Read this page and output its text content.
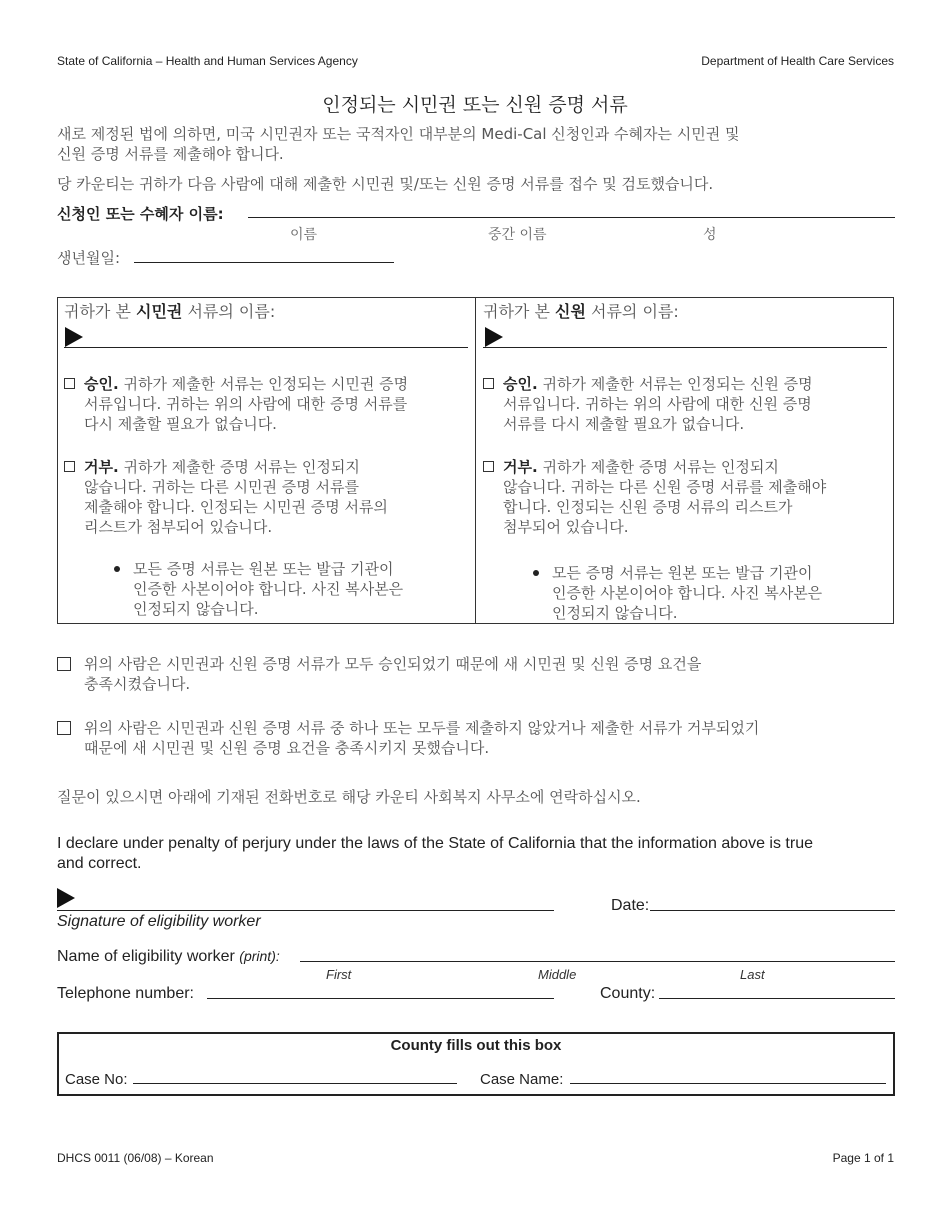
State of California – Health and Human Services Agency	Department of Health Care Services
인정되는 시민권 또는 신원 증명 서류
새로 제정된 법에 의하면, 미국 시민권자 또는 국적자인 대부분의 Medi-Cal 신청인과 수혜자는 시민권 및
신원 증명 서류를 제출해야 합니다.
당 카운티는 귀하가 다음 사람에 대해 제출한 시민권 및/또는 신원 증명 서류를 접수 및 검토했습니다.
신청인 또는 수혜자 이름:
이름	중간 이름	성
생년월일:
귀하가 본 시민권 서류의 이름:
승인. 귀하가 제출한 서류는 인정되는 시민권 증명
서류입니다. 귀하는 위의 사람에 대한 증명 서류를
다시 제출할 필요가 없습니다.
거부. 귀하가 제출한 증명 서류는 인정되지
않습니다. 귀하는 다른 시민권 증명 서류를
제출해야 합니다. 인정되는 시민권 증명 서류의
리스트가 첨부되어 있습니다.
모든 증명 서류는 원본 또는 발급 기관이
인증한 사본이어야 합니다. 사진 복사본은
인정되지 않습니다.
귀하가 본 신원 서류의 이름:
승인. 귀하가 제출한 서류는 인정되는 신원 증명
서류입니다. 귀하는 위의 사람에 대한 신원 증명
서류를 다시 제출할 필요가 없습니다.
거부. 귀하가 제출한 증명 서류는 인정되지
않습니다. 귀하는 다른 신원 증명 서류를 제출해야
합니다. 인정되는 신원 증명 서류의 리스트가
첨부되어 있습니다.
모든 증명 서류는 원본 또는 발급 기관이
인증한 사본이어야 합니다. 사진 복사본은
인정되지 않습니다.
위의 사람은 시민권과 신원 증명 서류가 모두 승인되었기 때문에 새 시민권 및 신원 증명 요건을
충족시켰습니다.
위의 사람은 시민권과 신원 증명 서류 중 하나 또는 모두를 제출하지 않았거나 제출한 서류가 거부되었기
때문에 새 시민권 및 신원 증명 요건을 충족시키지 못했습니다.
질문이 있으시면 아래에 기재된 전화번호로 해당 카운티 사회복지 사무소에 연락하십시오.
I declare under penalty of perjury under the laws of the State of California that the information above is true
and correct.
Signature of eligibility worker
Date:
Name of eligibility worker (print):
First	Middle	Last
Telephone number:	County:
County fills out this box
Case No:	Case Name:
DHCS 0011 (06/08) – Korean	Page 1 of 1
